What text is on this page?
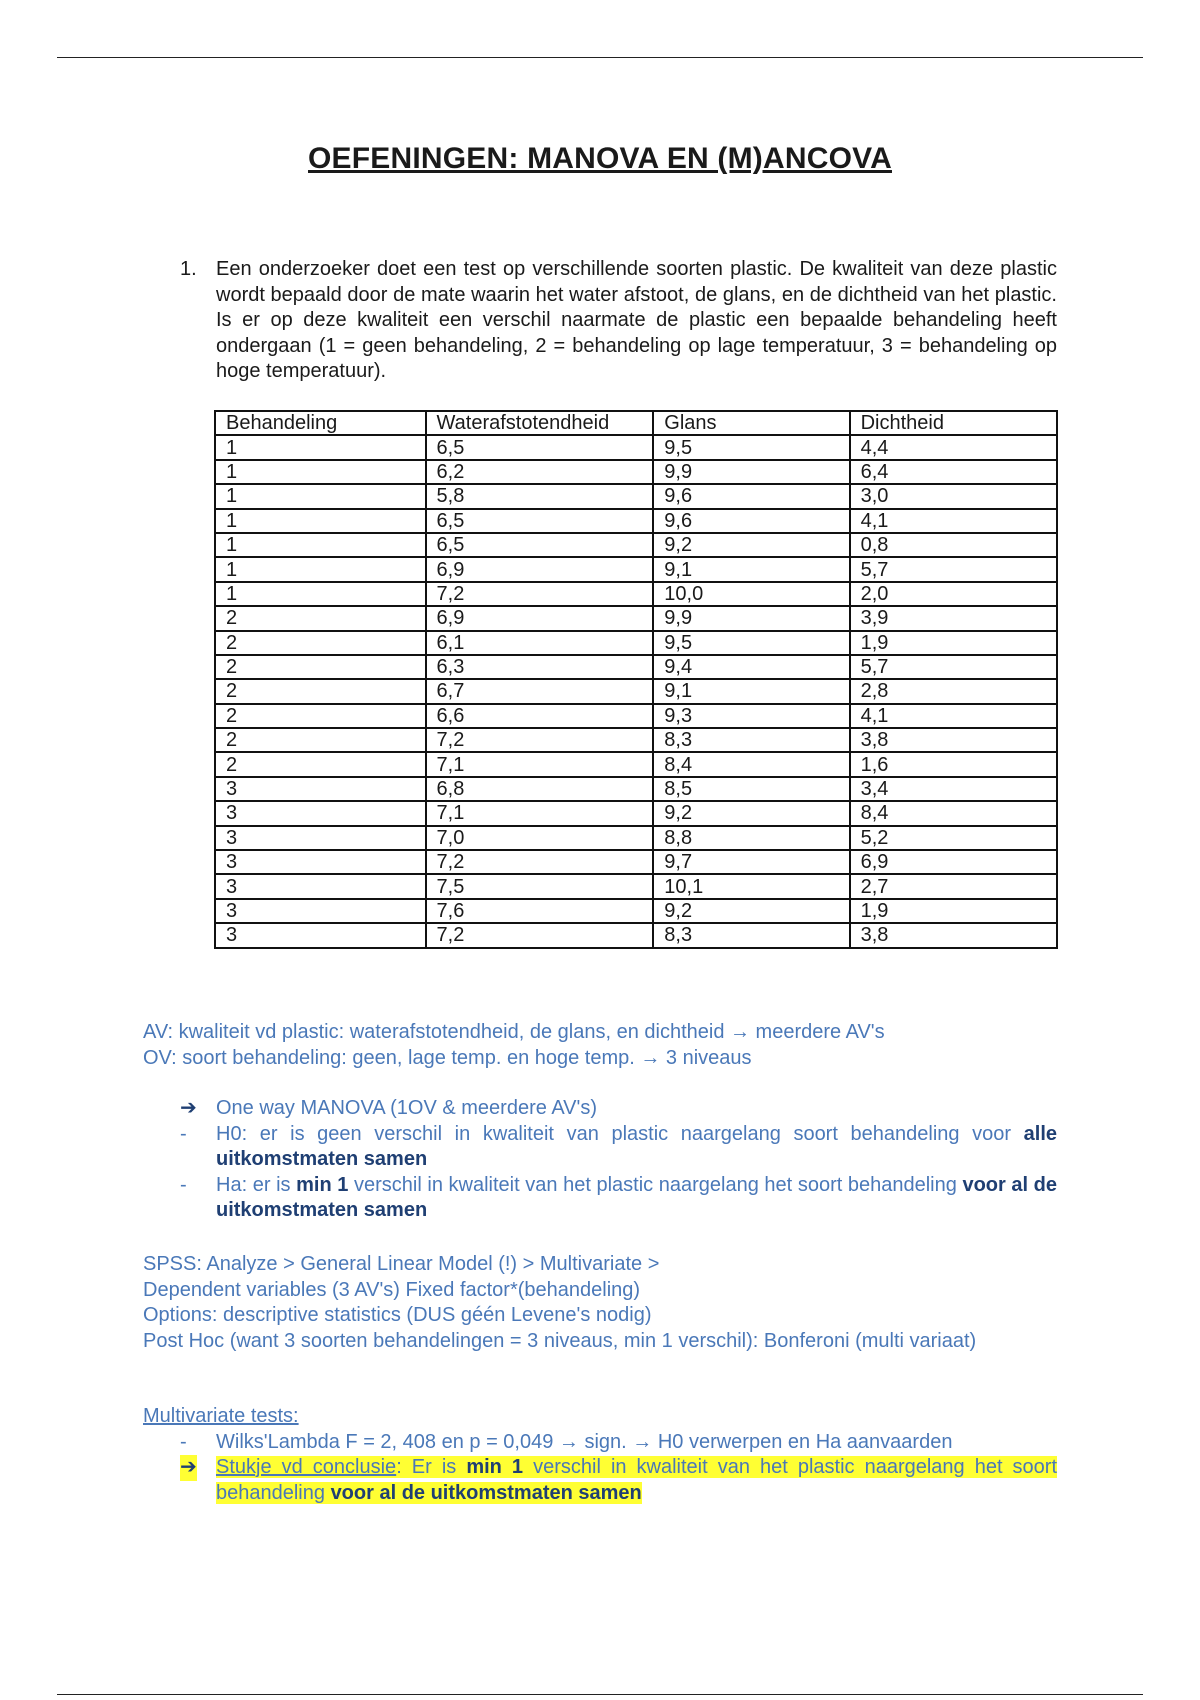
OEFENINGEN: MANOVA EN (M)ANCOVA
1. Een onderzoeker doet een test op verschillende soorten plastic. De kwaliteit van deze plastic wordt bepaald door de mate waarin het water afstoot, de glans, en de dichtheid van het plastic. Is er op deze kwaliteit een verschil naarmate de plastic een bepaalde behandeling heeft ondergaan (1 = geen behandeling, 2 = behandeling op lage temperatuur, 3 = behandeling op hoge temperatuur).
Behandeling	Waterafstotendheid	Glans	Dichtheid
1	6,5	9,5	4,4
1	6,2	9,9	6,4
1	5,8	9,6	3,0
1	6,5	9,6	4,1
1	6,5	9,2	0,8
1	6,9	9,1	5,7
1	7,2	10,0	2,0
2	6,9	9,9	3,9
2	6,1	9,5	1,9
2	6,3	9,4	5,7
2	6,7	9,1	2,8
2	6,6	9,3	4,1
2	7,2	8,3	3,8
2	7,1	8,4	1,6
3	6,8	8,5	3,4
3	7,1	9,2	8,4
3	7,0	8,8	5,2
3	7,2	9,7	6,9
3	7,5	10,1	2,7
3	7,6	9,2	1,9
3	7,2	8,3	3,8
AV: kwaliteit vd plastic: waterafstotendheid, de glans, en dichtheid → meerdere AV's
OV: soort behandeling: geen, lage temp. en hoge temp. → 3 niveaus
➔ One way MANOVA (1OV & meerdere AV's)
- H0: er is geen verschil in kwaliteit van plastic naargelang soort behandeling voor alle uitkomstmaten samen
- Ha: er is min 1 verschil in kwaliteit van het plastic naargelang het soort behandeling voor al de uitkomstmaten samen
SPSS: Analyze > General Linear Model (!) > Multivariate >
Dependent variables (3 AV's) Fixed factor*(behandeling)
Options: descriptive statistics (DUS géén Levene's nodig)
Post Hoc (want 3 soorten behandelingen = 3 niveaus, min 1 verschil): Bonferoni (multi variaat)
Multivariate tests:
- Wilks'Lambda F = 2, 408 en p = 0,049 → sign. → H0 verwerpen en Ha aanvaarden
➔ Stukje vd conclusie: Er is min 1 verschil in kwaliteit van het plastic naargelang het soort behandeling voor al de uitkomstmaten samen
